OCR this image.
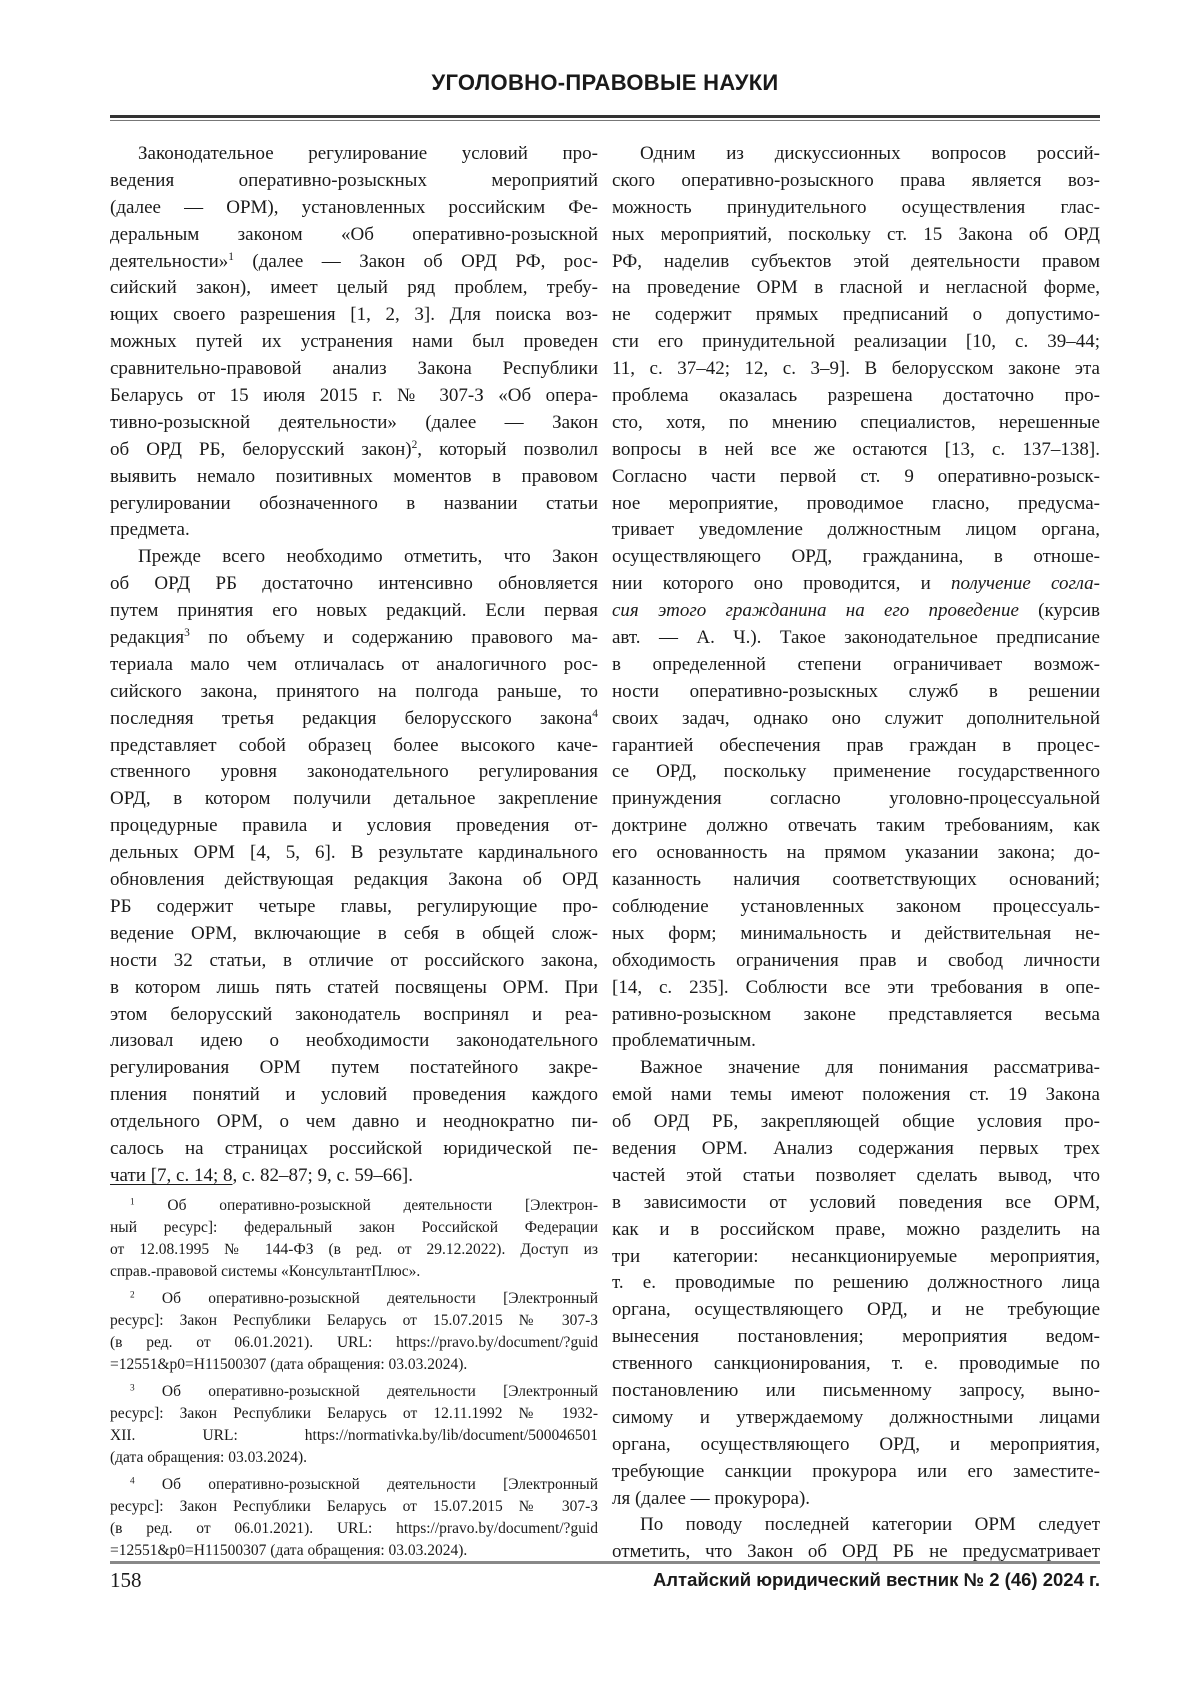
УГОЛОВНО-ПРАВОВЫЕ НАУКИ
Законодательное регулирование условий про-
ведения оперативно-розыскных мероприятий
(далее — ОРМ), установленных российским Фе-
деральным законом «Об оперативно-розыскной
деятельности»1 (далее — Закон об ОРД РФ, рос-
сийский закон), имеет целый ряд проблем, требу-
ющих своего разрешения [1, 2, 3]. Для поиска воз-
можных путей их устранения нами был проведен
сравнительно-правовой анализ Закона Республики
Беларусь от 15 июля 2015 г. № 307-З «Об опера-
тивно-розыскной деятельности» (далее — Закон
об ОРД РБ, белорусский закон)2, который позволил
выявить немало позитивных моментов в правовом
регулировании обозначенного в названии статьи
предмета.
Прежде всего необходимо отметить, что Закон
об ОРД РБ достаточно интенсивно обновляется
путем принятия его новых редакций. Если первая
редакция3 по объему и содержанию правового ма-
териала мало чем отличалась от аналогичного рос-
сийского закона, принятого на полгода раньше, то
последняя третья редакция белорусского закона4
представляет собой образец более высокого каче-
ственного уровня законодательного регулирования
ОРД, в котором получили детальное закрепление
процедурные правила и условия проведения от-
дельных ОРМ [4, 5, 6]. В результате кардинального
обновления действующая редакция Закона об ОРД
РБ содержит четыре главы, регулирующие про-
ведение ОРМ, включающие в себя в общей слож-
ности 32 статьи, в отличие от российского закона,
в котором лишь пять статей посвящены ОРМ. При
этом белорусский законодатель воспринял и реа-
лизовал идею о необходимости законодательного
регулирования ОРМ путем постатейного закре-
пления понятий и условий проведения каждого
отдельного ОРМ, о чем давно и неоднократно пи-
салось на страницах российской юридической пе-
чати [7, с. 14; 8, с. 82–87; 9, с. 59–66].
1 Об оперативно-розыскной деятельности [Электрон-
ный ресурс]: федеральный закон Российской Федерации
от 12.08.1995 № 144-ФЗ (в ред. от 29.12.2022). Доступ из
справ.-правовой системы «КонсультантПлюс».
2 Об оперативно-розыскной деятельности [Электронный
ресурс]: Закон Республики Беларусь от 15.07.2015 № 307-З
(в ред. от 06.01.2021). URL: https://pravo.by/document/?guid
=12551&p0=H11500307 (дата обращения: 03.03.2024).
3 Об оперативно-розыскной деятельности [Электронный
ресурс]: Закон Республики Беларусь от 12.11.1992 № 1932-
XII. URL: https://normativka.by/lib/document/500046501
(дата обращения: 03.03.2024).
4 Об оперативно-розыскной деятельности [Электронный
ресурс]: Закон Республики Беларусь от 15.07.2015 № 307-З
(в ред. от 06.01.2021). URL: https://pravo.by/document/?guid
=12551&p0=H11500307 (дата обращения: 03.03.2024).
Одним из дискуссионных вопросов россий-
ского оперативно-розыскного права является воз-
можность принудительного осуществления глас-
ных мероприятий, поскольку ст. 15 Закона об ОРД
РФ, наделив субъектов этой деятельности правом
на проведение ОРМ в гласной и негласной форме,
не содержит прямых предписаний о допустимо-
сти его принудительной реализации [10, с. 39–44;
11, с. 37–42; 12, с. 3–9]. В белорусском законе эта
проблема оказалась разрешена достаточно про-
сто, хотя, по мнению специалистов, нерешенные
вопросы в ней все же остаются [13, с. 137–138].
Согласно части первой ст. 9 оперативно-розыск-
ное мероприятие, проводимое гласно, предусма-
тривает уведомление должностным лицом органа,
осуществляющего ОРД, гражданина, в отноше-
нии которого оно проводится, и получение согла-
сия этого гражданина на его проведение (курсив
авт. — А. Ч.). Такое законодательное предписание
в определенной степени ограничивает возмож-
ности оперативно-розыскных служб в решении
своих задач, однако оно служит дополнительной
гарантией обеспечения прав граждан в процес-
се ОРД, поскольку применение государственного
принуждения согласно уголовно-процессуальной
доктрине должно отвечать таким требованиям, как
его основанность на прямом указании закона; до-
казанность наличия соответствующих оснований;
соблюдение установленных законом процессуаль-
ных форм; минимальность и действительная не-
обходимость ограничения прав и свобод личности
[14, с. 235]. Соблюсти все эти требования в опе-
ративно-розыскном законе представляется весьма
проблематичным.
Важное значение для понимания рассматрива-
емой нами темы имеют положения ст. 19 Закона
об ОРД РБ, закрепляющей общие условия про-
ведения ОРМ. Анализ содержания первых трех
частей этой статьи позволяет сделать вывод, что
в зависимости от условий поведения все ОРМ,
как и в российском праве, можно разделить на
три категории: несанкционируемые мероприятия,
т. е. проводимые по решению должностного лица
органа, осуществляющего ОРД, и не требующие
вынесения постановления; мероприятия ведом-
ственного санкционирования, т. е. проводимые по
постановлению или письменному запросу, выно-
симому и утверждаемому должностными лицами
органа, осуществляющего ОРД, и мероприятия,
требующие санкции прокурора или его заместите-
ля (далее — прокурора).
По поводу последней категории ОРМ следует
отметить, что Закон об ОРД РБ не предусматривает
158	Алтайский юридический вестник № 2 (46) 2024 г.
